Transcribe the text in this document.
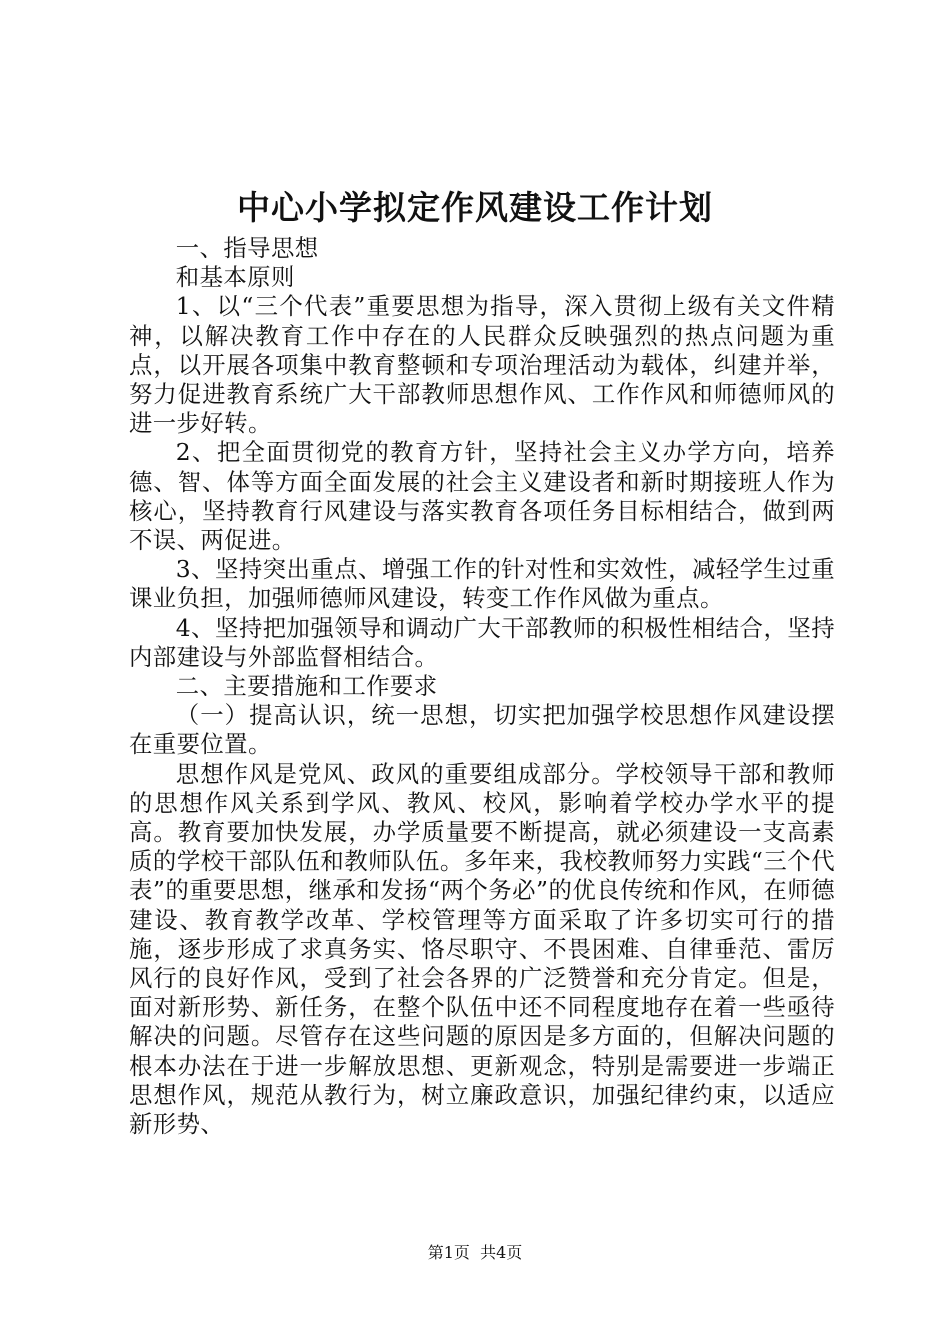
中心小学拟定作风建设工作计划

一、指导思想

和基本原则

1、以“三个代表”重要思想为指导，深入贯彻上级有关文件精神，以解决教育工作中存在的人民群众反映强烈的热点问题为重点，以开展各项集中教育整顿和专项治理活动为载体，纠建并举，努力促进教育系统广大干部教师思想作风、工作作风和师德师风的进一步好转。

2、把全面贯彻党的教育方针，坚持社会主义办学方向，培养德、智、体等方面全面发展的社会主义建设者和新时期接班人作为核心，坚持教育行风建设与落实教育各项任务目标相结合，做到两不误、两促进。

3、坚持突出重点、增强工作的针对性和实效性，减轻学生过重课业负担，加强师德师风建设，转变工作作风做为重点。

4、坚持把加强领导和调动广大干部教师的积极性相结合，坚持内部建设与外部监督相结合。

二、主要措施和工作要求

（一）提高认识，统一思想，切实把加强学校思想作风建设摆在重要位置。

思想作风是党风、政风的重要组成部分。学校领导干部和教师的思想作风关系到学风、教风、校风，影响着学校办学水平的提高。教育要加快发展，办学质量要不断提高，就必须建设一支高素质的学校干部队伍和教师队伍。多年来，我校教师努力实践“三个代表”的重要思想，继承和发扬“两个务必”的优良传统和作风，在师德建设、教育教学改革、学校管理等方面采取了许多切实可行的措施，逐步形成了求真务实、恪尽职守、不畏困难、自律垂范、雷厉风行的良好作风，受到了社会各界的广泛赞誉和充分肯定。但是，面对新形势、新任务，在整个队伍中还不同程度地存在着一些亟待解决的问题。尽管存在这些问题的原因是多方面的，但解决问题的根本办法在于进一步解放思想、更新观念，特别是需要进一步端正思想作风，规范从教行为，树立廉政意识，加强纪律约束，以适应新形势、

第1页  共4页
